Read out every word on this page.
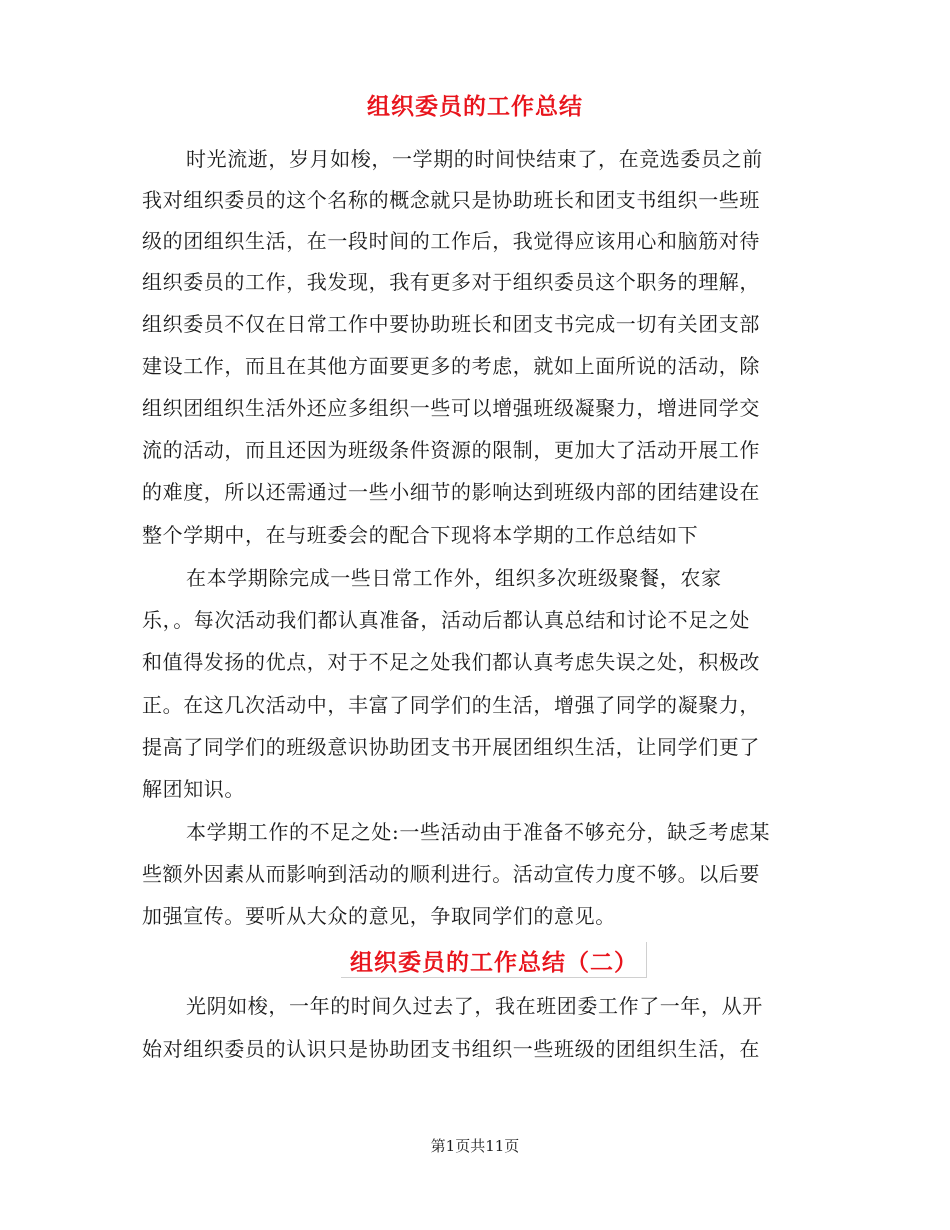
组织委员的工作总结
时光流逝，岁月如梭，一学期的时间快结束了，在竞选委员之前
我对组织委员的这个名称的概念就只是协助班长和团支书组织一些班
级的团组织生活，在一段时间的工作后，我觉得应该用心和脑筋对待
组织委员的工作，我发现，我有更多对于组织委员这个职务的理解，
组织委员不仅在日常工作中要协助班长和团支书完成一切有关团支部
建设工作，而且在其他方面要更多的考虑，就如上面所说的活动，除
组织团组织生活外还应多组织一些可以增强班级凝聚力，增进同学交
流的活动，而且还因为班级条件资源的限制，更加大了活动开展工作
的难度，所以还需通过一些小细节的影响达到班级内部的团结建设在
整个学期中，在与班委会的配合下现将本学期的工作总结如下
在本学期除完成一些日常工作外，组织多次班级聚餐，农家
乐，。每次活动我们都认真准备，活动后都认真总结和讨论不足之处
和值得发扬的优点，对于不足之处我们都认真考虑失误之处，积极改
正。在这几次活动中，丰富了同学们的生活，增强了同学的凝聚力，
提高了同学们的班级意识协助团支书开展团组织生活，让同学们更了
解团知识。
本学期工作的不足之处:一些活动由于准备不够充分，缺乏考虑某
些额外因素从而影响到活动的顺利进行。活动宣传力度不够。以后要
加强宣传。要听从大众的意见，争取同学们的意见。
组织委员的工作总结（二）
光阴如梭，一年的时间久过去了，我在班团委工作了一年，从开
始对组织委员的认识只是协助团支书组织一些班级的团组织生活，在
第1页共11页
